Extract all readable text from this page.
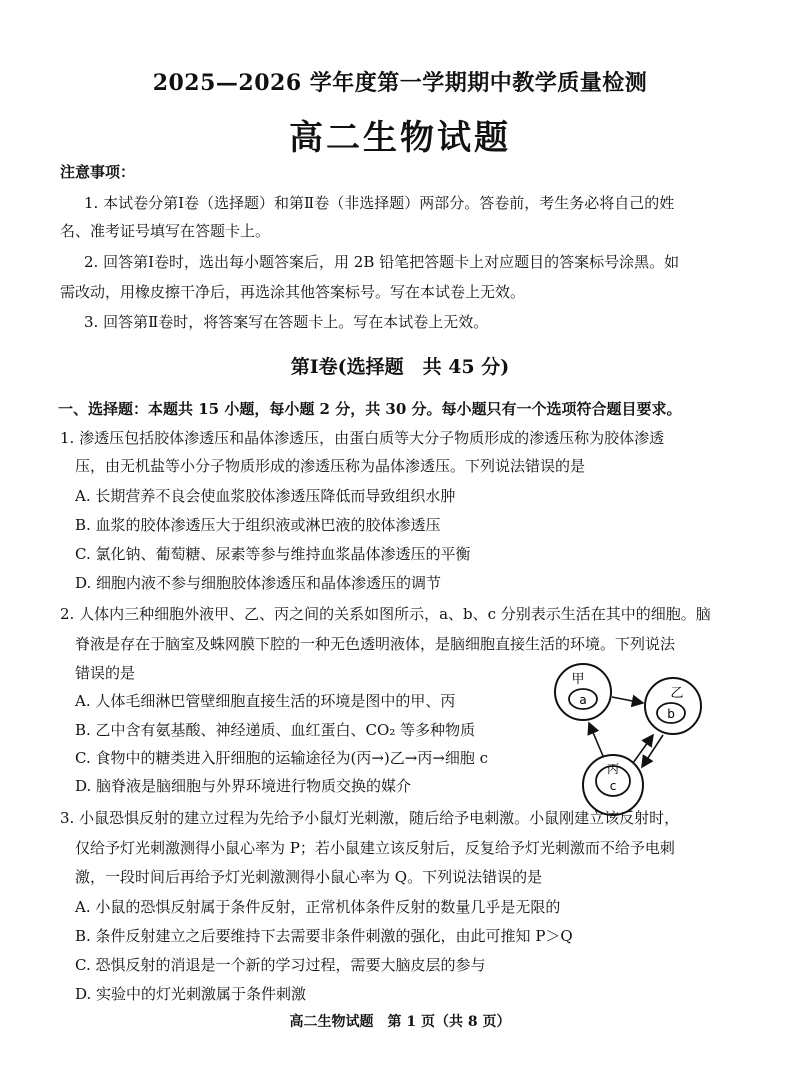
2025—2026 学年度第一学期期中教学质量检测
高二生物试题
注意事项：
1. 本试卷分第Ⅰ卷（选择题）和第Ⅱ卷（非选择题）两部分。答卷前，考生务必将自己的姓
名、准考证号填写在答题卡上。
2. 回答第Ⅰ卷时，选出每小题答案后，用 2B 铅笔把答题卡上对应题目的答案标号涂黑。如
需改动，用橡皮擦干净后，再选涂其他答案标号。写在本试卷上无效。
3. 回答第Ⅱ卷时，将答案写在答题卡上。写在本试卷上无效。
第Ⅰ卷(选择题　共 45 分)
一、选择题：本题共 15 小题，每小题 2 分，共 30 分。每小题只有一个选项符合题目要求。
1. 渗透压包括胶体渗透压和晶体渗透压，由蛋白质等大分子物质形成的渗透压称为胶体渗透
压，由无机盐等小分子物质形成的渗透压称为晶体渗透压。下列说法错误的是
A. 长期营养不良会使血浆胶体渗透压降低而导致组织水肿
B. 血浆的胶体渗透压大于组织液或淋巴液的胶体渗透压
C. 氯化钠、葡萄糖、尿素等参与维持血浆晶体渗透压的平衡
D. 细胞内液不参与细胞胶体渗透压和晶体渗透压的调节
2. 人体内三种细胞外液甲、乙、丙之间的关系如图所示，a、b、c 分别表示生活在其中的细胞。脑
脊液是存在于脑室及蛛网膜下腔的一种无色透明液体，是脑细胞直接生活的环境。下列说法
错误的是
A. 人体毛细淋巴管壁细胞直接生活的环境是图中的甲、丙
B. 乙中含有氨基酸、神经递质、血红蛋白、CO₂ 等多种物质
C. 食物中的糖类进入肝细胞的运输途径为(丙→)乙→丙→细胞 c
D. 脑脊液是脑细胞与外界环境进行物质交换的媒介
甲
a	乙
b
丙
c
3. 小鼠恐惧反射的建立过程为先给予小鼠灯光刺激，随后给予电刺激。小鼠刚建立该反射时，
仅给予灯光刺激测得小鼠心率为 P；若小鼠建立该反射后，反复给予灯光刺激而不给予电刺
激，一段时间后再给予灯光刺激测得小鼠心率为 Q。下列说法错误的是
A. 小鼠的恐惧反射属于条件反射，正常机体条件反射的数量几乎是无限的
B. 条件反射建立之后要维持下去需要非条件刺激的强化，由此可推知 P＞Q
C. 恐惧反射的消退是一个新的学习过程，需要大脑皮层的参与
D. 实验中的灯光刺激属于条件刺激
高二生物试题　第 1 页（共 8 页）
